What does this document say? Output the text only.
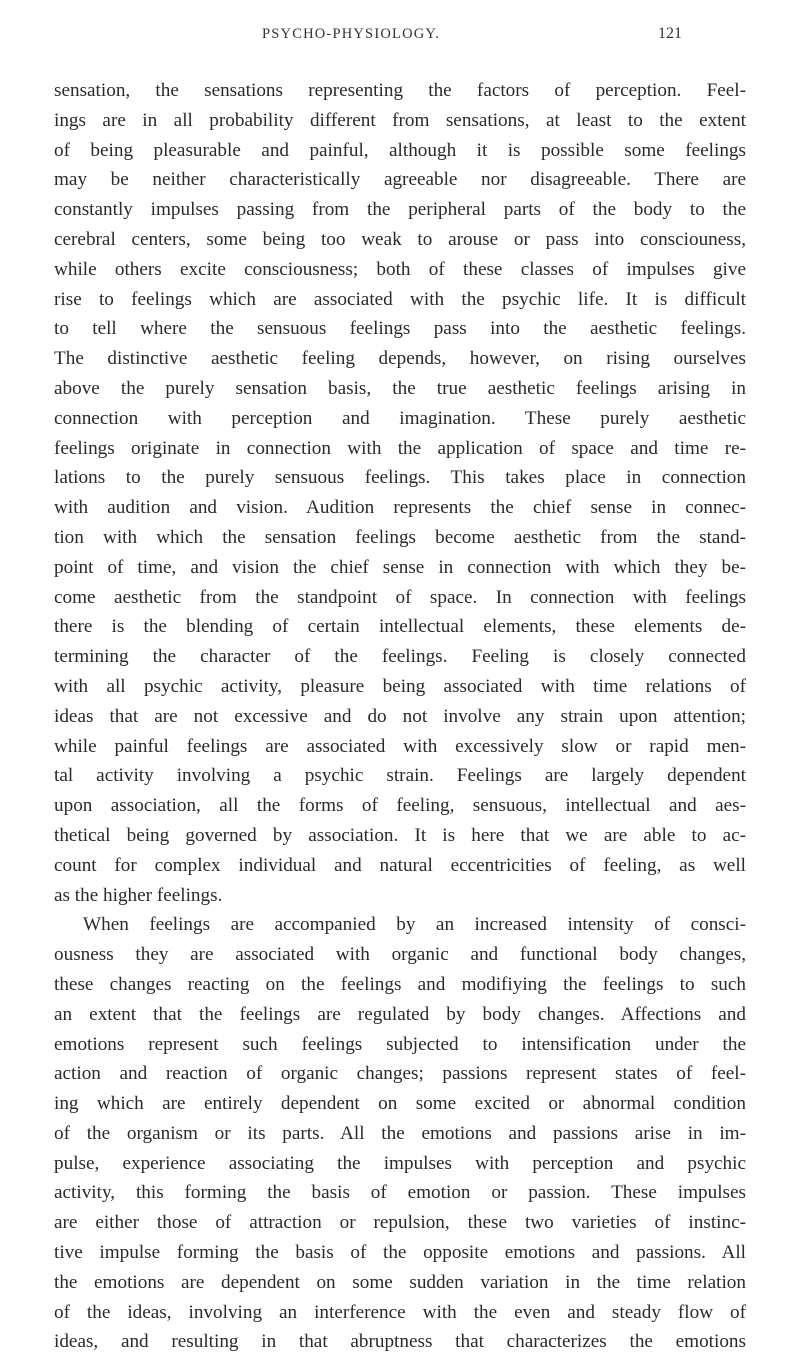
PSYCHO-PHYSIOLOGY.	121
sensation, the sensations representing the factors of perception. Feel-
ings are in all probability different from sensations, at least to the extent
of being pleasurable and painful, although it is possible some feelings
may be neither characteristically agreeable nor disagreeable. There are
constantly impulses passing from the peripheral parts of the body to the
cerebral centers, some being too weak to arouse or pass into consciouness,
while others excite consciousness; both of these classes of impulses give
rise to feelings which are associated with the psychic life. It is difficult
to tell where the sensuous feelings pass into the aesthetic feelings.
The distinctive aesthetic feeling depends, however, on rising ourselves
above the purely sensation basis, the true aesthetic feelings arising in
connection with perception and imagination. These purely aesthetic
feelings originate in connection with the application of space and time re-
lations to the purely sensuous feelings. This takes place in connection
with audition and vision. Audition represents the chief sense in connec-
tion with which the sensation feelings become aesthetic from the stand-
point of time, and vision the chief sense in connection with which they be-
come aesthetic from the standpoint of space. In connection with feelings
there is the blending of certain intellectual elements, these elements de-
termining the character of the feelings. Feeling is closely connected
with all psychic activity, pleasure being associated with time relations of
ideas that are not excessive and do not involve any strain upon attention;
while painful feelings are associated with excessively slow or rapid men-
tal activity involving a psychic strain. Feelings are largely dependent
upon association, all the forms of feeling, sensuous, intellectual and aes-
thetical being governed by association. It is here that we are able to ac-
count for complex individual and natural eccentricities of feeling, as well
as the higher feelings.
When feelings are accompanied by an increased intensity of consci-
ousness they are associated with organic and functional body changes,
these changes reacting on the feelings and modifiying the feelings to such
an extent that the feelings are regulated by body changes. Affections and
emotions represent such feelings subjected to intensification under the
action and reaction of organic changes; passions represent states of feel-
ing which are entirely dependent on some excited or abnormal condition
of the organism or its parts. All the emotions and passions arise in im-
pulse, experience associating the impulses with perception and psychic
activity, this forming the basis of emotion or passion. These impulses
are either those of attraction or repulsion, these two varieties of instinc-
tive impulse forming the basis of the opposite emotions and passions. All
the emotions are dependent on some sudden variation in the time relation
of the ideas, involving an interference with the even and steady flow of
ideas, and resulting in that abruptness that characterizes the emotions
